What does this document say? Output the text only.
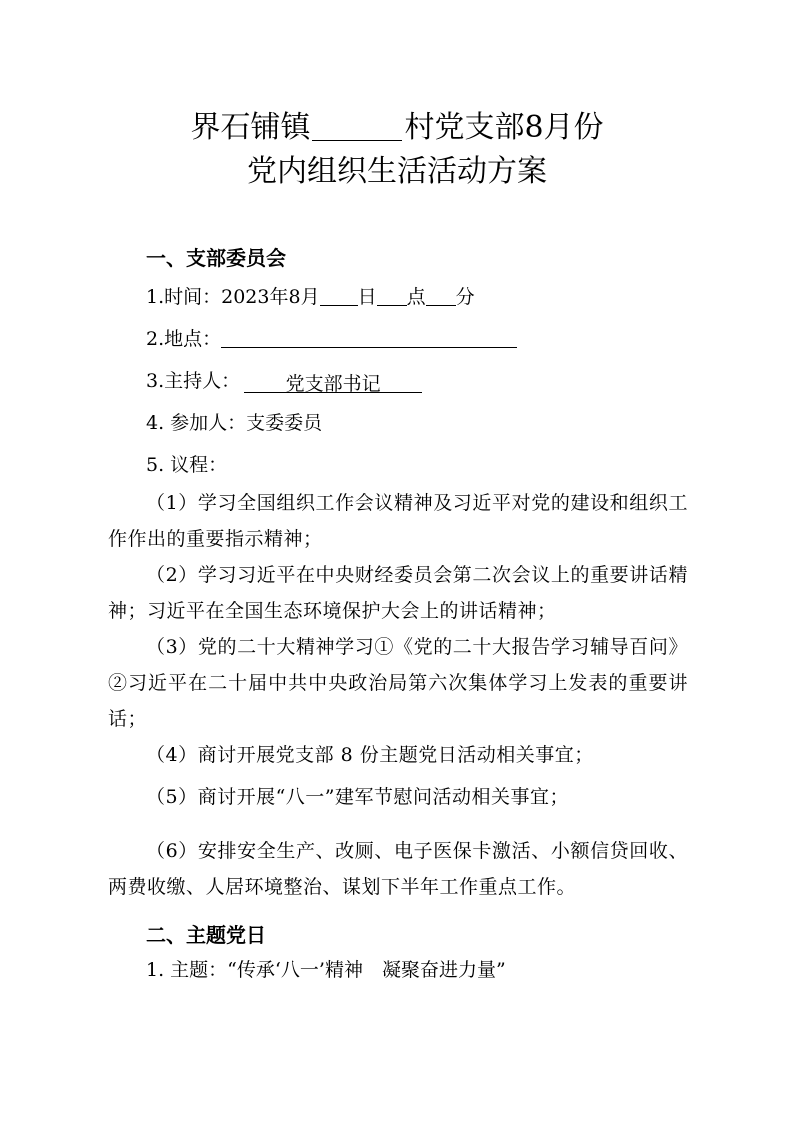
界石铺镇	村党支部8月份
党内组织生活活动方案
一、支部委员会
1.时间：2023年8月 日 点 分
2.地点：
3.主持人： 党支部书记
4. 参加人：支委委员
5. 议程：
（1）学习全国组织工作会议精神及习近平对党的建设和组织工作作出的重要指示精神；
（2）学习习近平在中央财经委员会第二次会议上的重要讲话精神；习近平在全国生态环境保护大会上的讲话精神；
（3）党的二十大精神学习①《党的二十大报告学习辅导百问》②习近平在二十届中共中央政治局第六次集体学习上发表的重要讲话；
（4）商讨开展党支部 8 份主题党日活动相关事宜；
（5）商讨开展“八一”建军节慰问活动相关事宜；
（6）安排安全生产、改厕、电子医保卡激活、小额信贷回收、两费收缴、人居环境整治、谋划下半年工作重点工作。
二、主题党日
1. 主题：“传承‘八一’精神　凝聚奋进力量”
